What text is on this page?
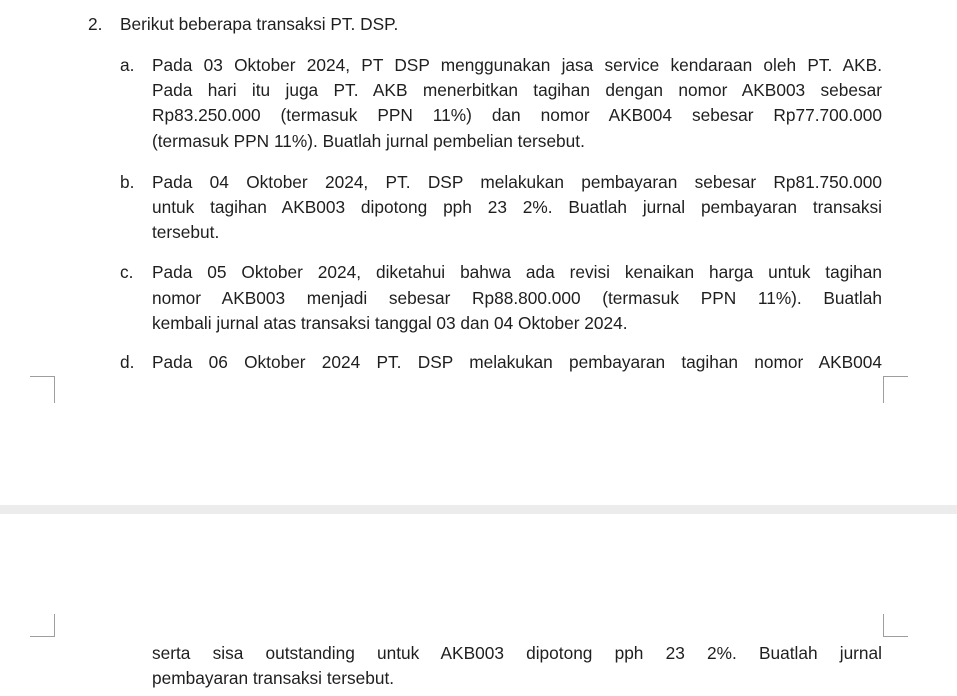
2. Berikut beberapa transaksi PT. DSP.
a. Pada 03 Oktober 2024, PT DSP menggunakan jasa service kendaraan oleh PT. AKB.
Pada hari itu juga PT. AKB menerbitkan tagihan dengan nomor AKB003 sebesar
Rp83.250.000 (termasuk PPN 11%) dan nomor AKB004 sebesar Rp77.700.000
(termasuk PPN 11%). Buatlah jurnal pembelian tersebut.
b. Pada 04 Oktober 2024, PT. DSP melakukan pembayaran sebesar Rp81.750.000
untuk tagihan AKB003 dipotong pph 23 2%. Buatlah jurnal pembayaran transaksi
tersebut.
c. Pada 05 Oktober 2024, diketahui bahwa ada revisi kenaikan harga untuk tagihan
nomor AKB003 menjadi sebesar Rp88.800.000 (termasuk PPN 11%). Buatlah
kembali jurnal atas transaksi tanggal 03 dan 04 Oktober 2024.
d. Pada 06 Oktober 2024 PT. DSP melakukan pembayaran tagihan nomor AKB004
serta sisa outstanding untuk AKB003 dipotong pph 23 2%. Buatlah jurnal
pembayaran transaksi tersebut.
